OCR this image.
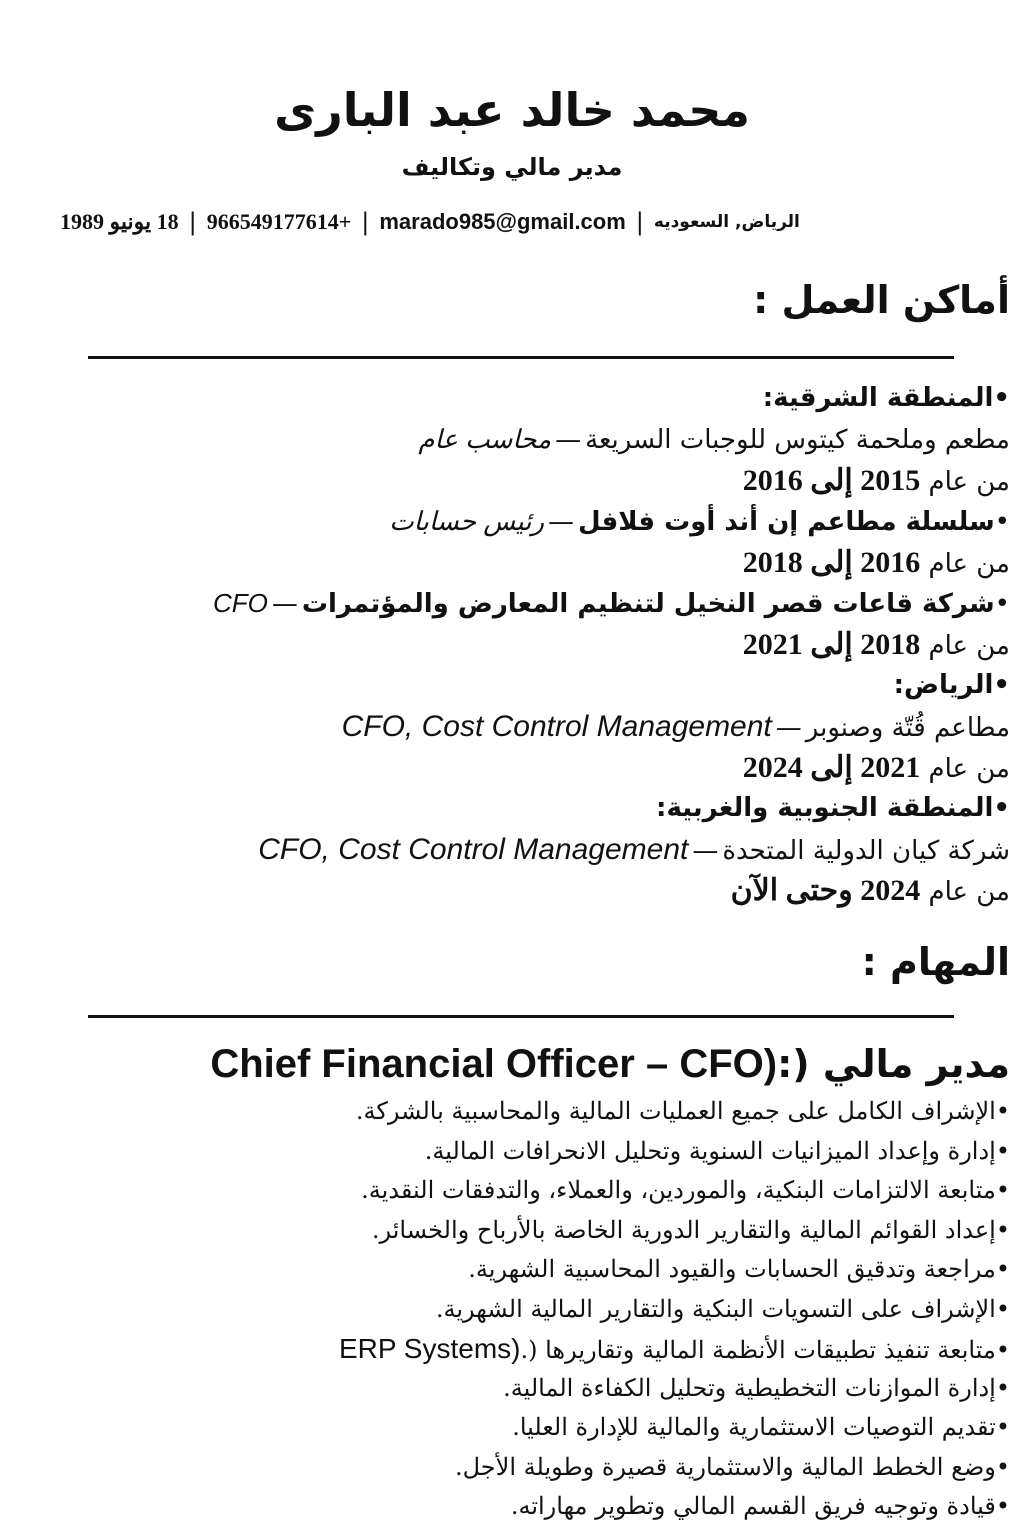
محمد خالد عبد البارى
مدير مالي وتكاليف
18 يونيو 1989 | 966549177614+ | marado985@gmail.com | الرياض, السعوديه
أماكن العمل :
•المنطقة الشرقية:
مطعم وملحمة كيتوس للوجبات السريعة—محاسب عام
من عام 2015 إلى 2016
•سلسلة مطاعم إن أند أوت فلافل—رئيس حسابات
من عام 2016 إلى 2018
•شركة قاعات قصر النخيل لتنظيم المعارض والمؤتمرات—CFO
من عام 2018 إلى 2021
•الرياض:
مطاعم قُتّة وصنوبر—CFO, Cost Control Management
من عام 2021 إلى 2024
•المنطقة الجنوبية والغربية:
شركة كيان الدولية المتحدة—CFO, Cost Control Management
من عام 2024 وحتى الآن
المهام :
مدير مالي (:Chief Financial Officer – CFO)
•الإشراف الكامل على جميع العمليات المالية والمحاسبية بالشركة.
•إدارة وإعداد الميزانيات السنوية وتحليل الانحرافات المالية.
•متابعة الالتزامات البنكية، والموردين، والعملاء، والتدفقات النقدية.
•إعداد القوائم المالية والتقارير الدورية الخاصة بالأرباح والخسائر.
•مراجعة وتدقيق الحسابات والقيود المحاسبية الشهرية.
•الإشراف على التسويات البنكية والتقارير المالية الشهرية.
•متابعة تنفيذ تطبيقات الأنظمة المالية وتقاريرها (.ERP Systems)
•إدارة الموازنات التخطيطية وتحليل الكفاءة المالية.
•تقديم التوصيات الاستثمارية والمالية للإدارة العليا.
•وضع الخطط المالية والاستثمارية قصيرة وطويلة الأجل.
•قيادة وتوجيه فريق القسم المالي وتطوير مهاراته.
